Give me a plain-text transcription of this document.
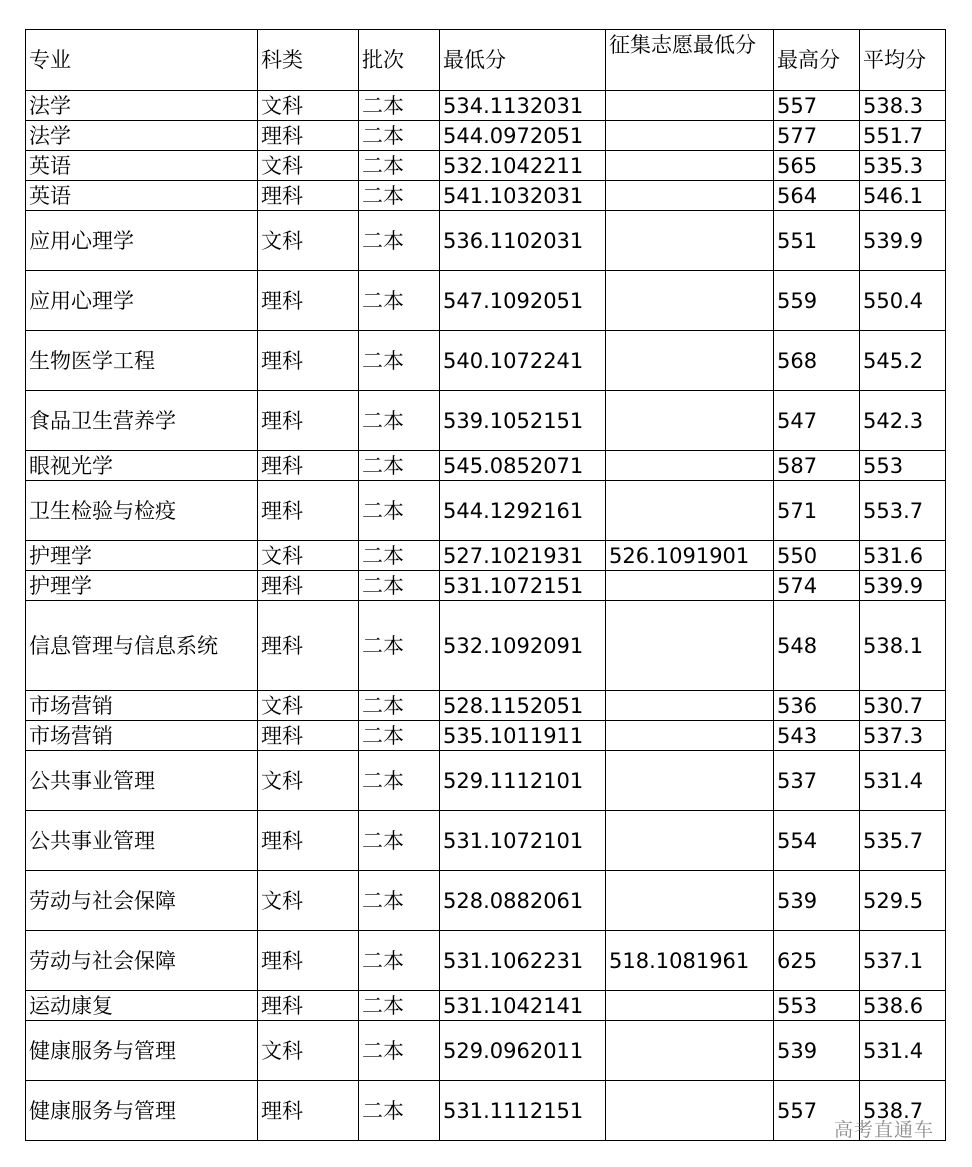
专业	科类	批次	最低分	征集志愿最低分	最高分	平均分
法学	文科	二本	534.1132031		557	538.3
法学	理科	二本	544.0972051		577	551.7
英语	文科	二本	532.1042211		565	535.3
英语	理科	二本	541.1032031		564	546.1
应用心理学	文科	二本	536.1102031		551	539.9
应用心理学	理科	二本	547.1092051		559	550.4
生物医学工程	理科	二本	540.1072241		568	545.2
食品卫生营养学	理科	二本	539.1052151		547	542.3
眼视光学	理科	二本	545.0852071		587	553
卫生检验与检疫	理科	二本	544.1292161		571	553.7
护理学	文科	二本	527.1021931	526.1091901	550	531.6
护理学	理科	二本	531.1072151		574	539.9
信息管理与信息系统	理科	二本	532.1092091		548	538.1
市场营销	文科	二本	528.1152051		536	530.7
市场营销	理科	二本	535.1011911		543	537.3
公共事业管理	文科	二本	529.1112101		537	531.4
公共事业管理	理科	二本	531.1072101		554	535.7
劳动与社会保障	文科	二本	528.0882061		539	529.5
劳动与社会保障	理科	二本	531.1062231	518.1081961	625	537.1
运动康复	理科	二本	531.1042141		553	538.6
健康服务与管理	文科	二本	529.0962011		539	531.4
健康服务与管理	理科	二本	531.1112151		557	538.7
高考直通车
